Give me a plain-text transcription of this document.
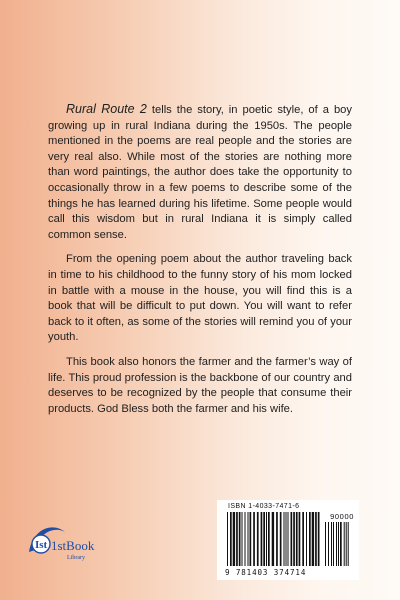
Rural Route 2 tells the story, in poetic style, of a boy growing up in rural Indiana during the 1950s. The people mentioned in the poems are real people and the stories are very real also. While most of the stories are nothing more than word paintings, the author does take the opportunity to occasionally throw in a few poems to describe some of the things he has learned during his lifetime. Some people would call this wisdom but in rural Indiana it is simply called common sense.

From the opening poem about the author traveling back in time to his childhood to the funny story of his mom locked in battle with a mouse in the house, you will find this is a book that will be difficult to put down. You will want to refer back to it often, as some of the stories will remind you of your youth.

This book also honors the farmer and the farmer’s way of life. This proud profession is the backbone of our country and deserves to be recognized by the people that consume their products. God Bless both the farmer and his wife.

Ist 1stBooks
Library
ISBN 1-4033-7471-6
90000
9 781403 374714
